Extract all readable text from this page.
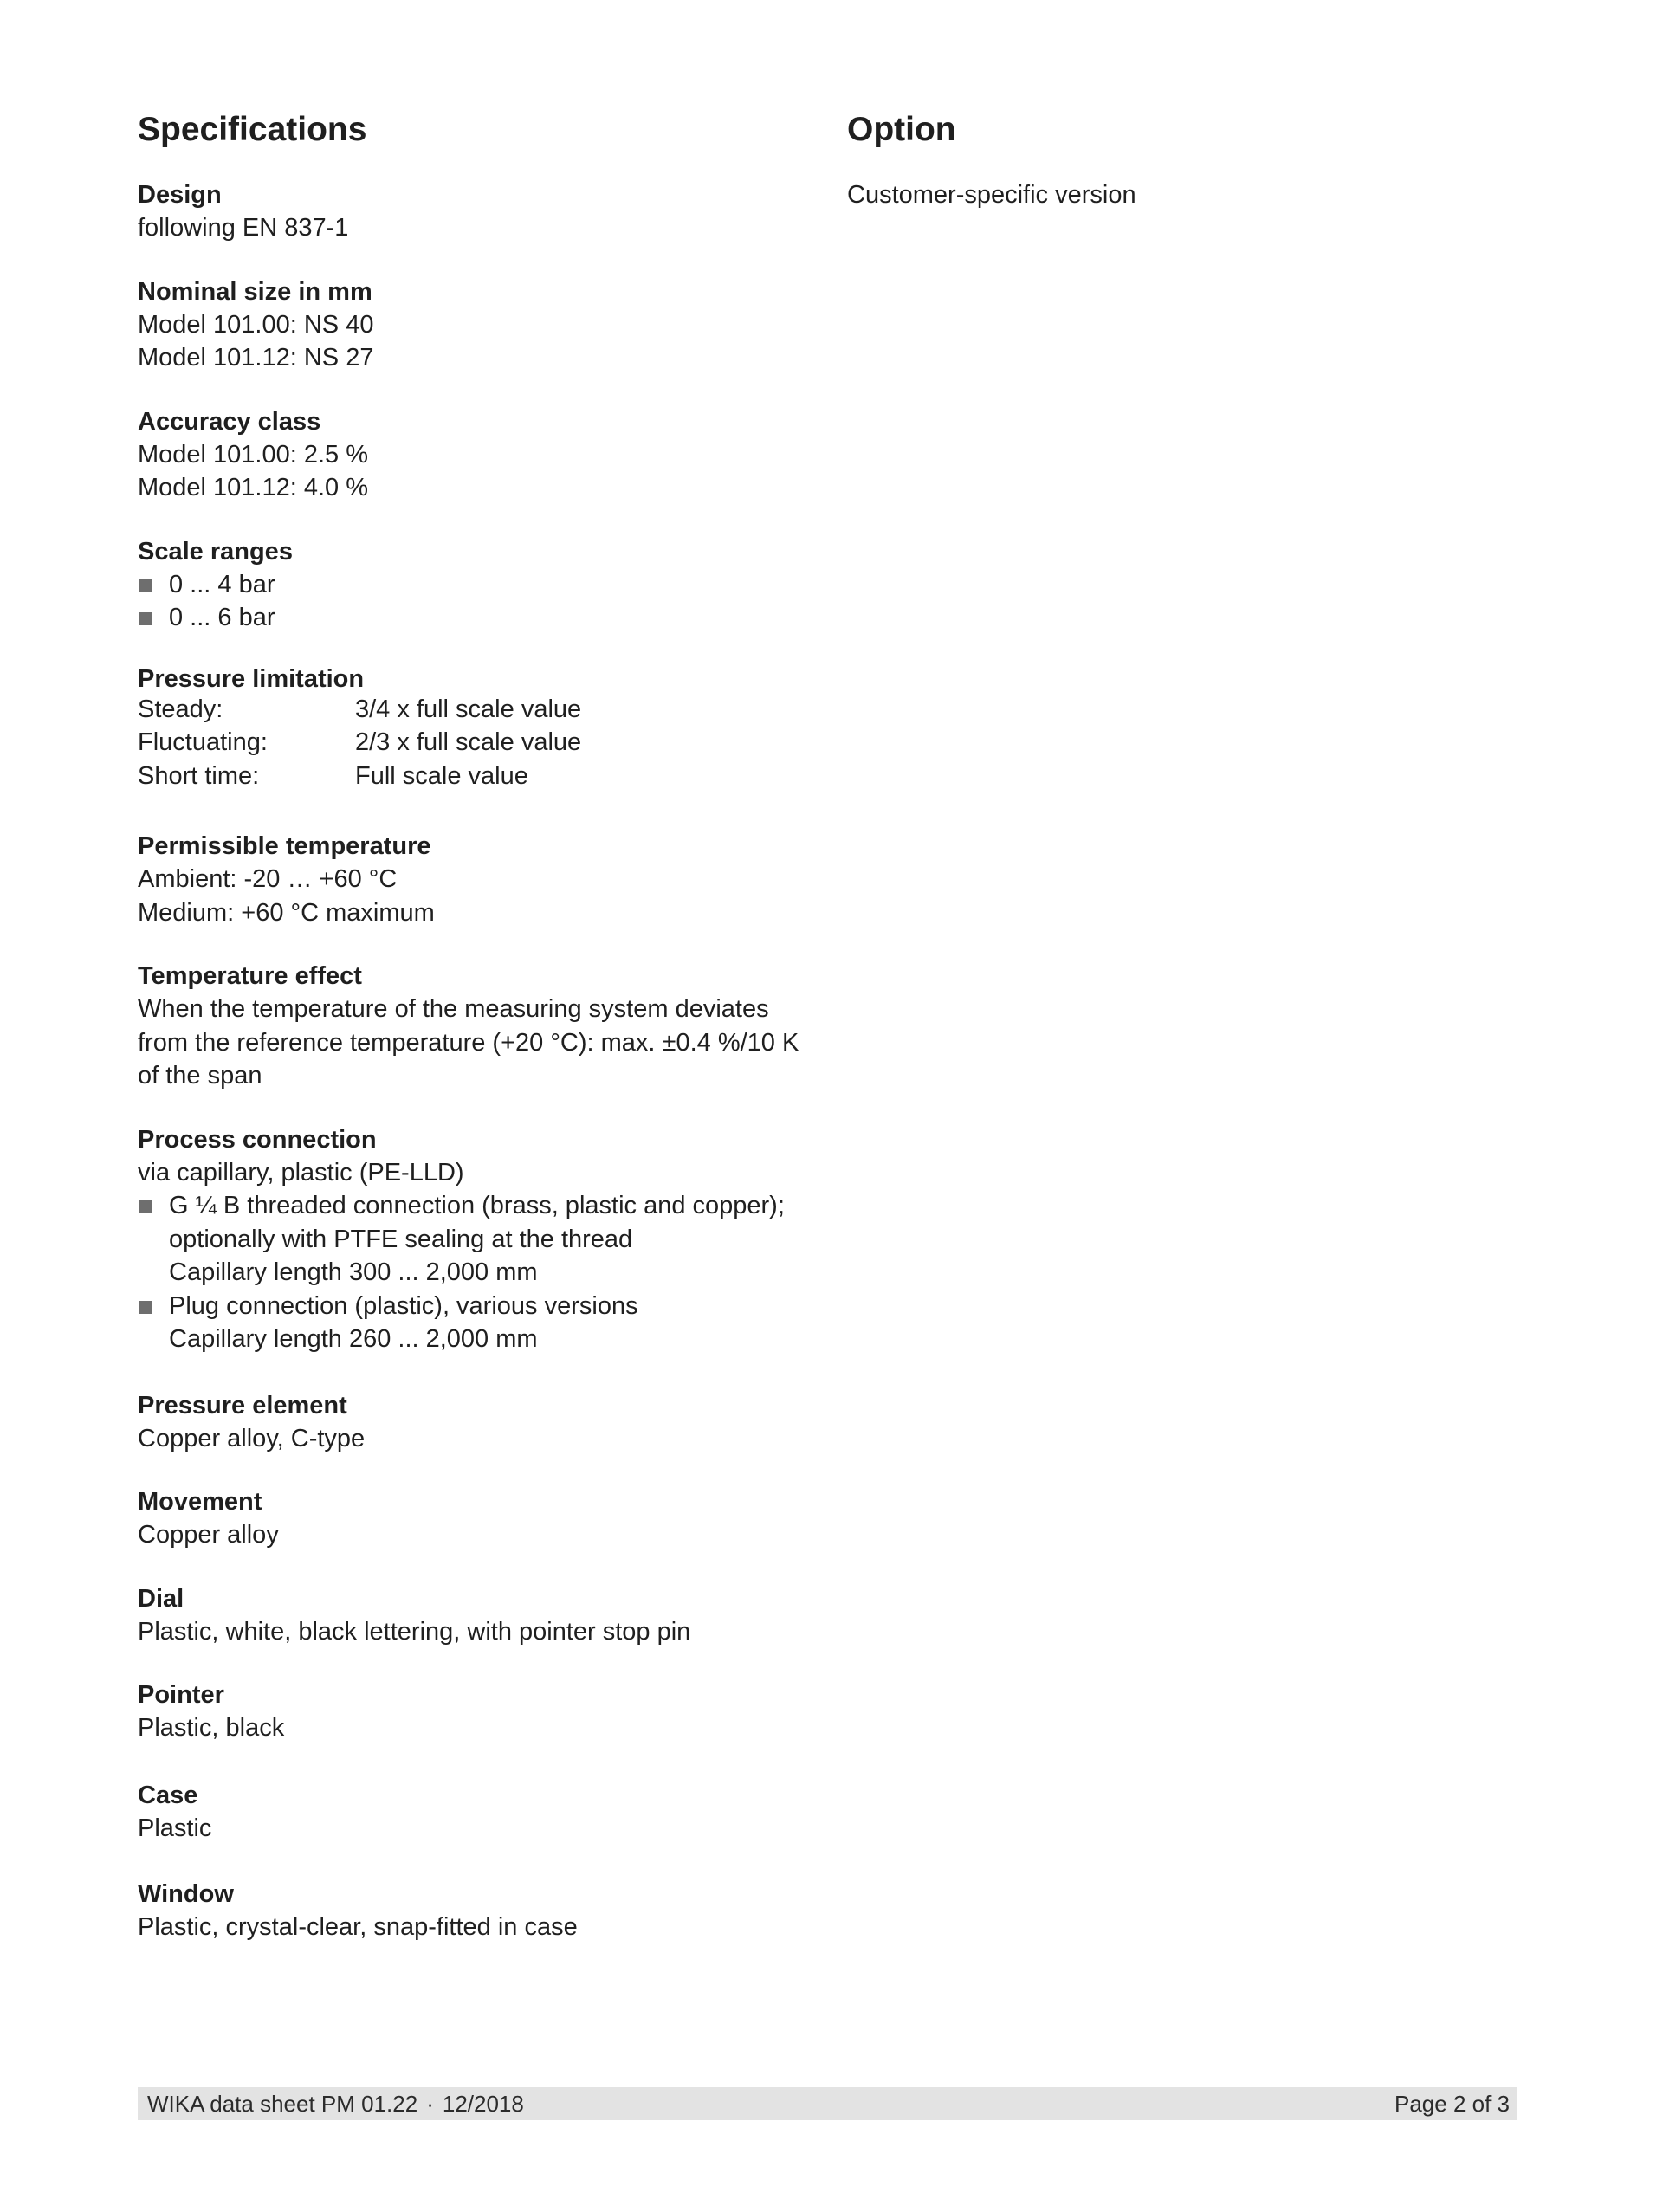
Specifications	Option

Design

following EN 837-1

Nominal size in mm

Model 101.00: NS 40

Model 101.12: NS 27

Accuracy class

Model 101.00: 2.5 %

Model 101.12: 4.0 %

Scale ranges

0 ... 4 bar

0 ... 6 bar

Pressure limitation

Steady:	3/4 x full scale value
Fluctuating:	2/3 x full scale value
Short time:	Full scale value

Permissible temperature

Ambient: -20 … +60 °C

Medium: +60 °C maximum

Temperature effect

When the temperature of the measuring system deviates

from the reference temperature (+20 °C): max. ±0.4 %/10 K

of the span

Process connection

via capillary, plastic (PE-LLD)

G ¼ B threaded connection (brass, plastic and copper);

optionally with PTFE sealing at the thread

Capillary length 300 ... 2,000 mm

Plug connection (plastic), various versions

Capillary length 260 ... 2,000 mm

Pressure element

Copper alloy, C-type

Movement

Copper alloy

Dial

Plastic, white, black lettering, with pointer stop pin

Pointer

Plastic, black

Case

Plastic

Window

Plastic, crystal-clear, snap-fitted in case

Customer-specific version

WIKA data sheet PM 01.22 · 12/2018	Page 2 of 3
